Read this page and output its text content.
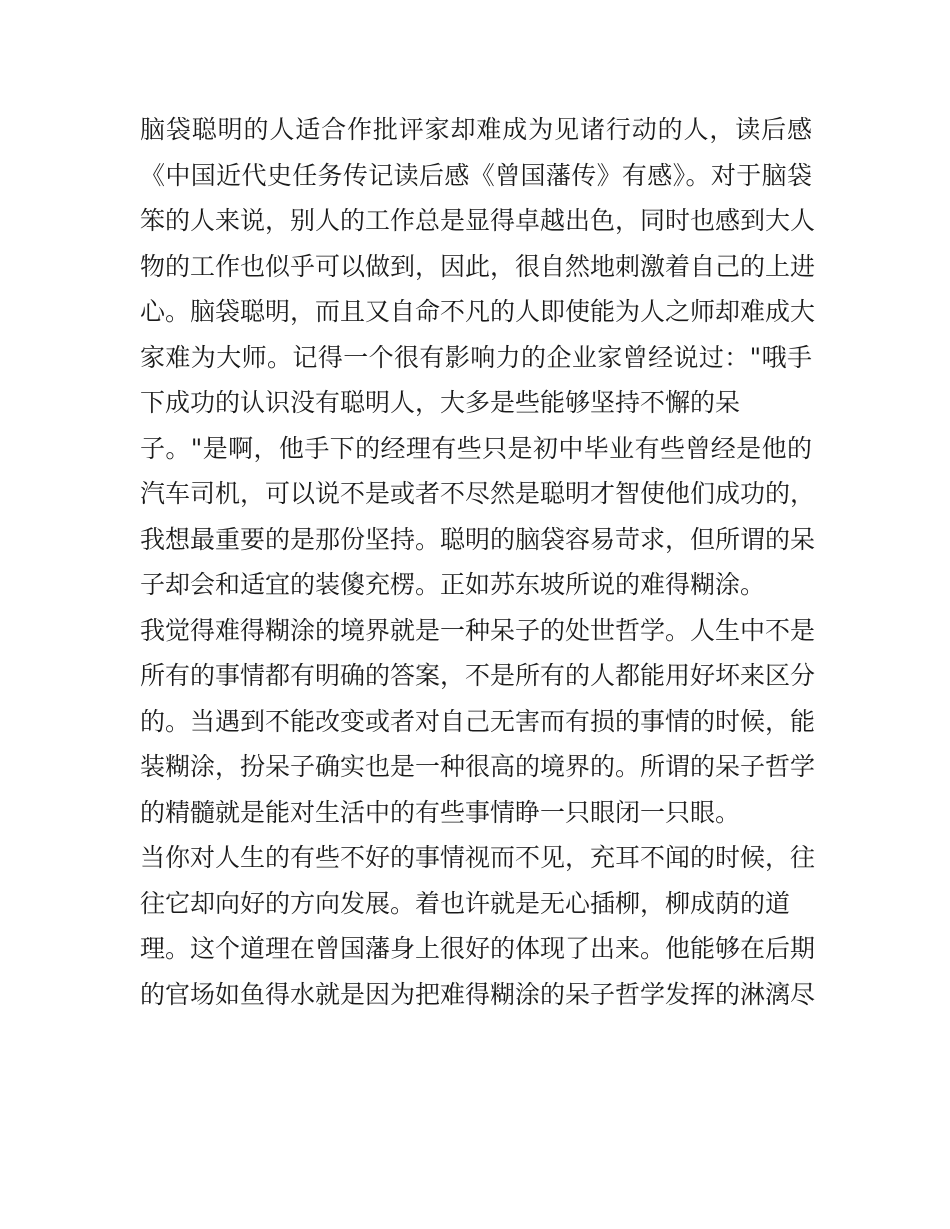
脑袋聪明的人适合作批评家却难成为见诸行动的人，读后感
《中国近代史任务传记读后感《曾国藩传》有感》。对于脑袋
笨的人来说，别人的工作总是显得卓越出色，同时也感到大人
物的工作也似乎可以做到，因此，很自然地刺激着自己的上进
心。脑袋聪明，而且又自命不凡的人即使能为人之师却难成大
家难为大师。记得一个很有影响力的企业家曾经说过："哦手
下成功的认识没有聪明人，大多是些能够坚持不懈的呆
子。"是啊，他手下的经理有些只是初中毕业有些曾经是他的
汽车司机，可以说不是或者不尽然是聪明才智使他们成功的，
我想最重要的是那份坚持。聪明的脑袋容易苛求，但所谓的呆
子却会和适宜的装傻充楞。正如苏东坡所说的难得糊涂。
我觉得难得糊涂的境界就是一种呆子的处世哲学。人生中不是
所有的事情都有明确的答案，不是所有的人都能用好坏来区分
的。当遇到不能改变或者对自己无害而有损的事情的时候，能
装糊涂，扮呆子确实也是一种很高的境界的。所谓的呆子哲学
的精髓就是能对生活中的有些事情睁一只眼闭一只眼。
当你对人生的有些不好的事情视而不见，充耳不闻的时候，往
往它却向好的方向发展。着也许就是无心插柳，柳成荫的道
理。这个道理在曾国藩身上很好的体现了出来。他能够在后期
的官场如鱼得水就是因为把难得糊涂的呆子哲学发挥的淋漓尽
